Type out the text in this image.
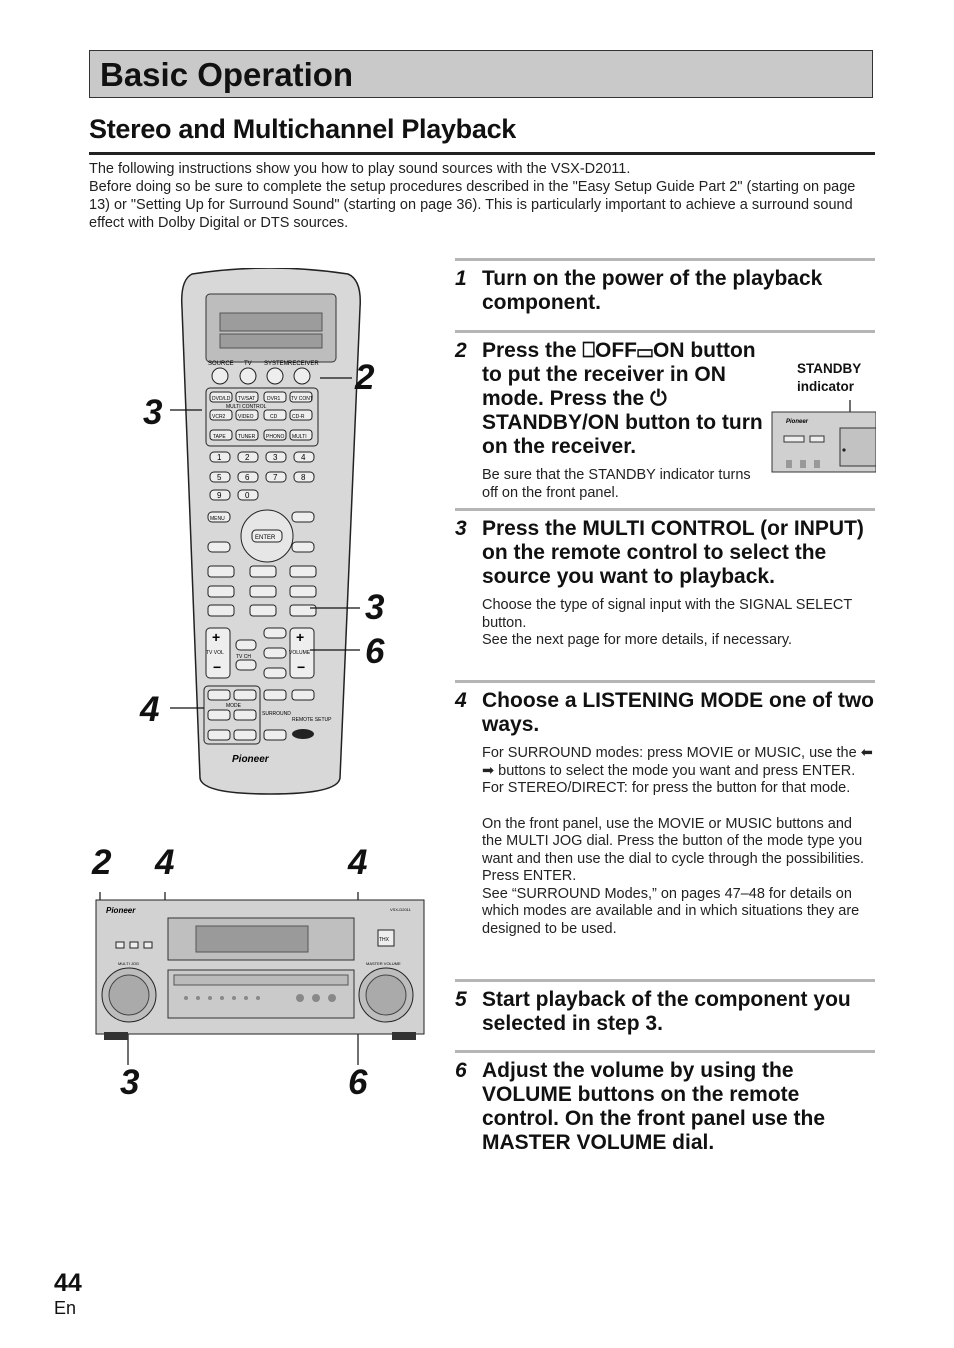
Basic Operation
Stereo and Multichannel Playback

The following instructions show you how to play sound sources with the VSX-D2011.

Before doing so be sure to complete the setup procedures described in the "Easy Setup Guide Part 2" (starting on page 13) or "Setting Up for Surround Sound" (starting on page 36). This is particularly important to achieve a surround sound effect with Dolby Digital or DTS sources.

SOURCE TV SYSTEM RECEIVER
DVD/LD TV/SAT DVR1 TV CONT
MULTI CONTROL
VCR2	VIDEO	CD	CD-R
TAPE TUNER PHONO MULTI
1	2	3	4
5	6	7	8
9	0
ENTER
MENU
+
−
TV VOL
TV CH
+
−
VOLUME
MODE
SURROUND
REMOTE SETUP
Pioneer
2
3
3
6
4
2 4	4
3	6
Pioneer	VSX-D2011
THX
MULTI JOG	MASTER VOLUME
1 Turn on the power of the playback component.
2 Press the ⎕OFF▭ON button to put the receiver in ON mode. Press the ⏻ STANDBY/ON button to turn on the receiver.

Be sure that the STANDBY indicator turns off on the front panel.

STANDBY
indicator
Pioneer
3 Press the MULTI CONTROL (or INPUT) on the remote control to select the source you want to playback.

Choose the type of signal input with the SIGNAL SELECT button.

See the next page for more details, if necessary.

4 Choose a LISTENING MODE one of two ways.

For SURROUND modes: press MOVIE or MUSIC, use the ⬅ ➡ buttons to select the mode you want and press ENTER.

For STEREO/DIRECT: for press the button for that mode.

On the front panel, use the MOVIE or MUSIC buttons and the MULTI JOG dial. Press the button of the mode type you want and then use the dial to cycle through the possibilities. Press ENTER.

See “SURROUND Modes,” on pages 47–48 for details on which modes are available and in which situations they are designed to be used.

5 Start playback of the component you selected in step 3.
6 Adjust the volume by using the VOLUME buttons on the remote control. On the front panel use the MASTER VOLUME dial.
44
En
